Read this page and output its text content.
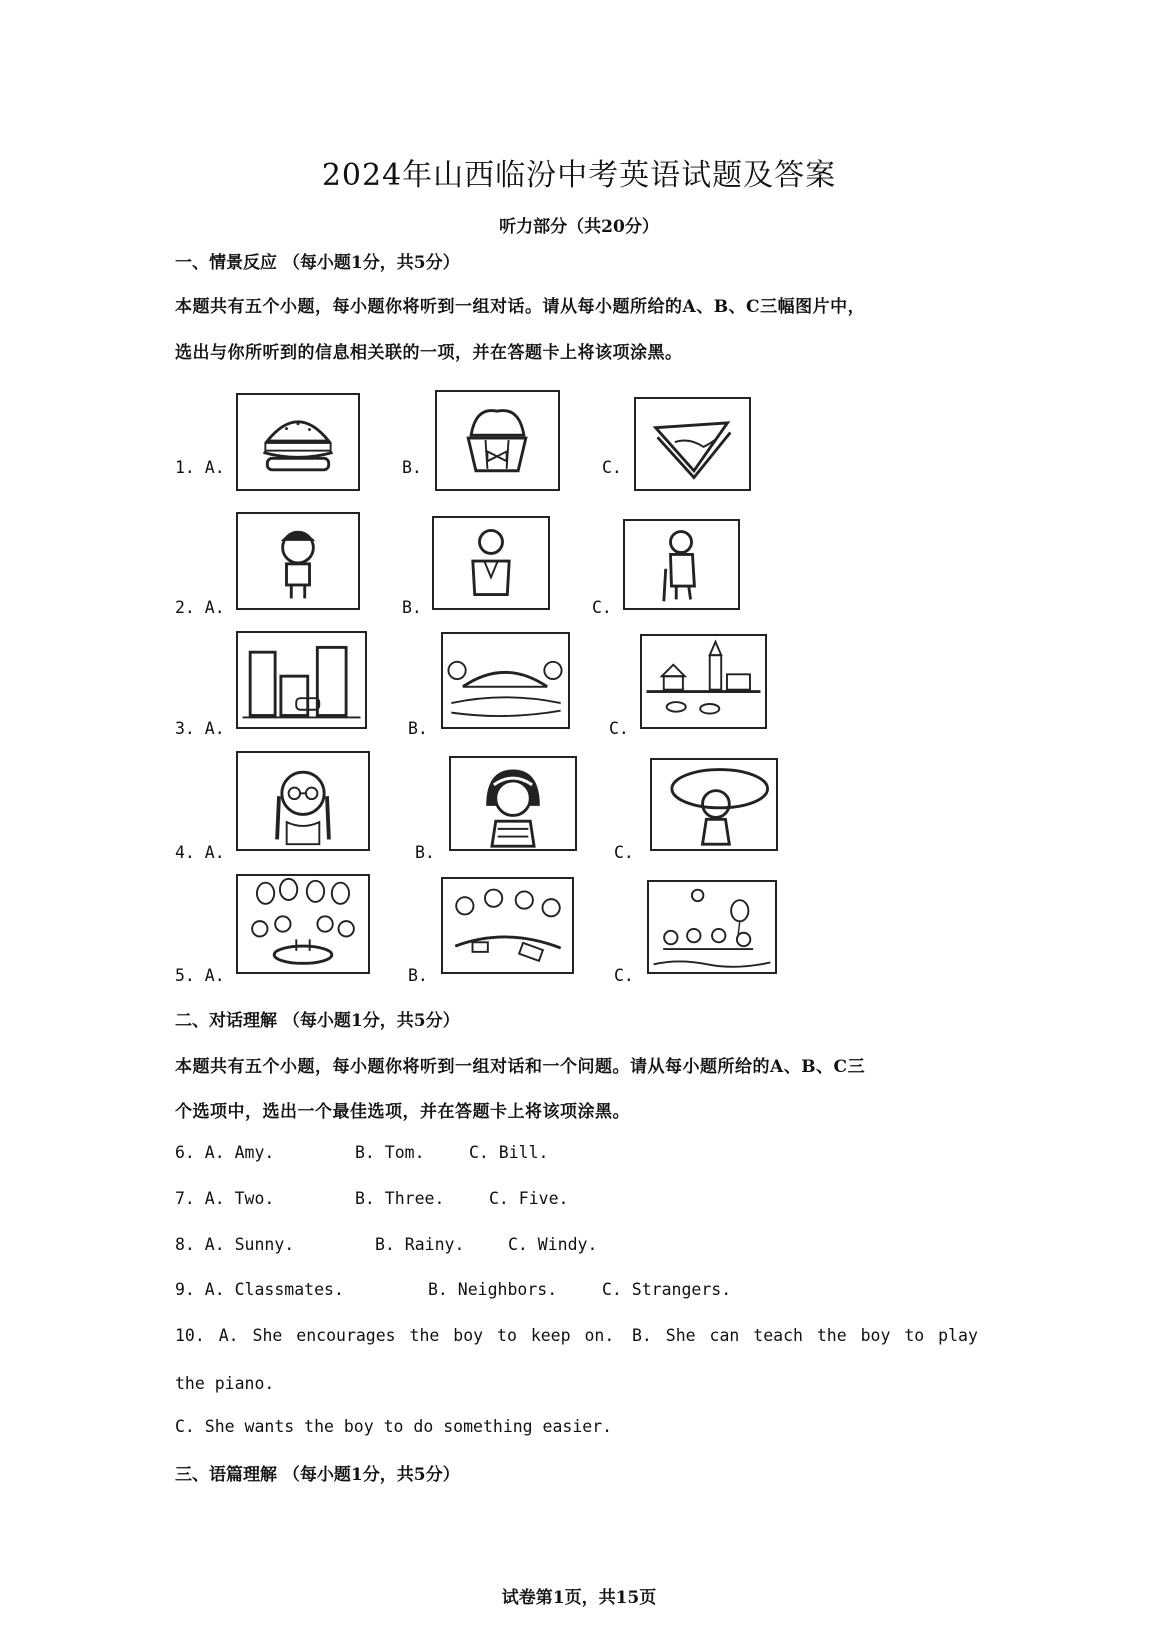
2024年山西临汾中考英语试题及答案
听力部分（共20分）
一、情景反应 （每小题1分，共5分）
本题共有五个小题，每小题你将听到一组对话。请从每小题所给的A、B、C三幅图片中，
选出与你所听到的信息相关联的一项，并在答题卡上将该项涂黑。
1. A.	B.	C.
2. A.	B.	C.
3. A.	B.	C.
4. A.	B.	C.
5. A.	B.	C.
二、对话理解 （每小题1分，共5分）
本题共有五个小题，每小题你将听到一组对话和一个问题。请从每小题所给的A、B、C三
个选项中，选出一个最佳选项，并在答题卡上将该项涂黑。
6. A. Amy.	B. Tom.	C. Bill.
7. A. Two.	B. Three.	C. Five.
8. A. Sunny.	B. Rainy.	C. Windy.
9. A. Classmates.	B. Neighbors.	C. Strangers.
10. A. She encourages the boy to keep on. B. She can teach the boy to play
the piano.
C. She wants the boy to do something easier.
三、语篇理解 （每小题1分，共5分）
试卷第1页，共15页
